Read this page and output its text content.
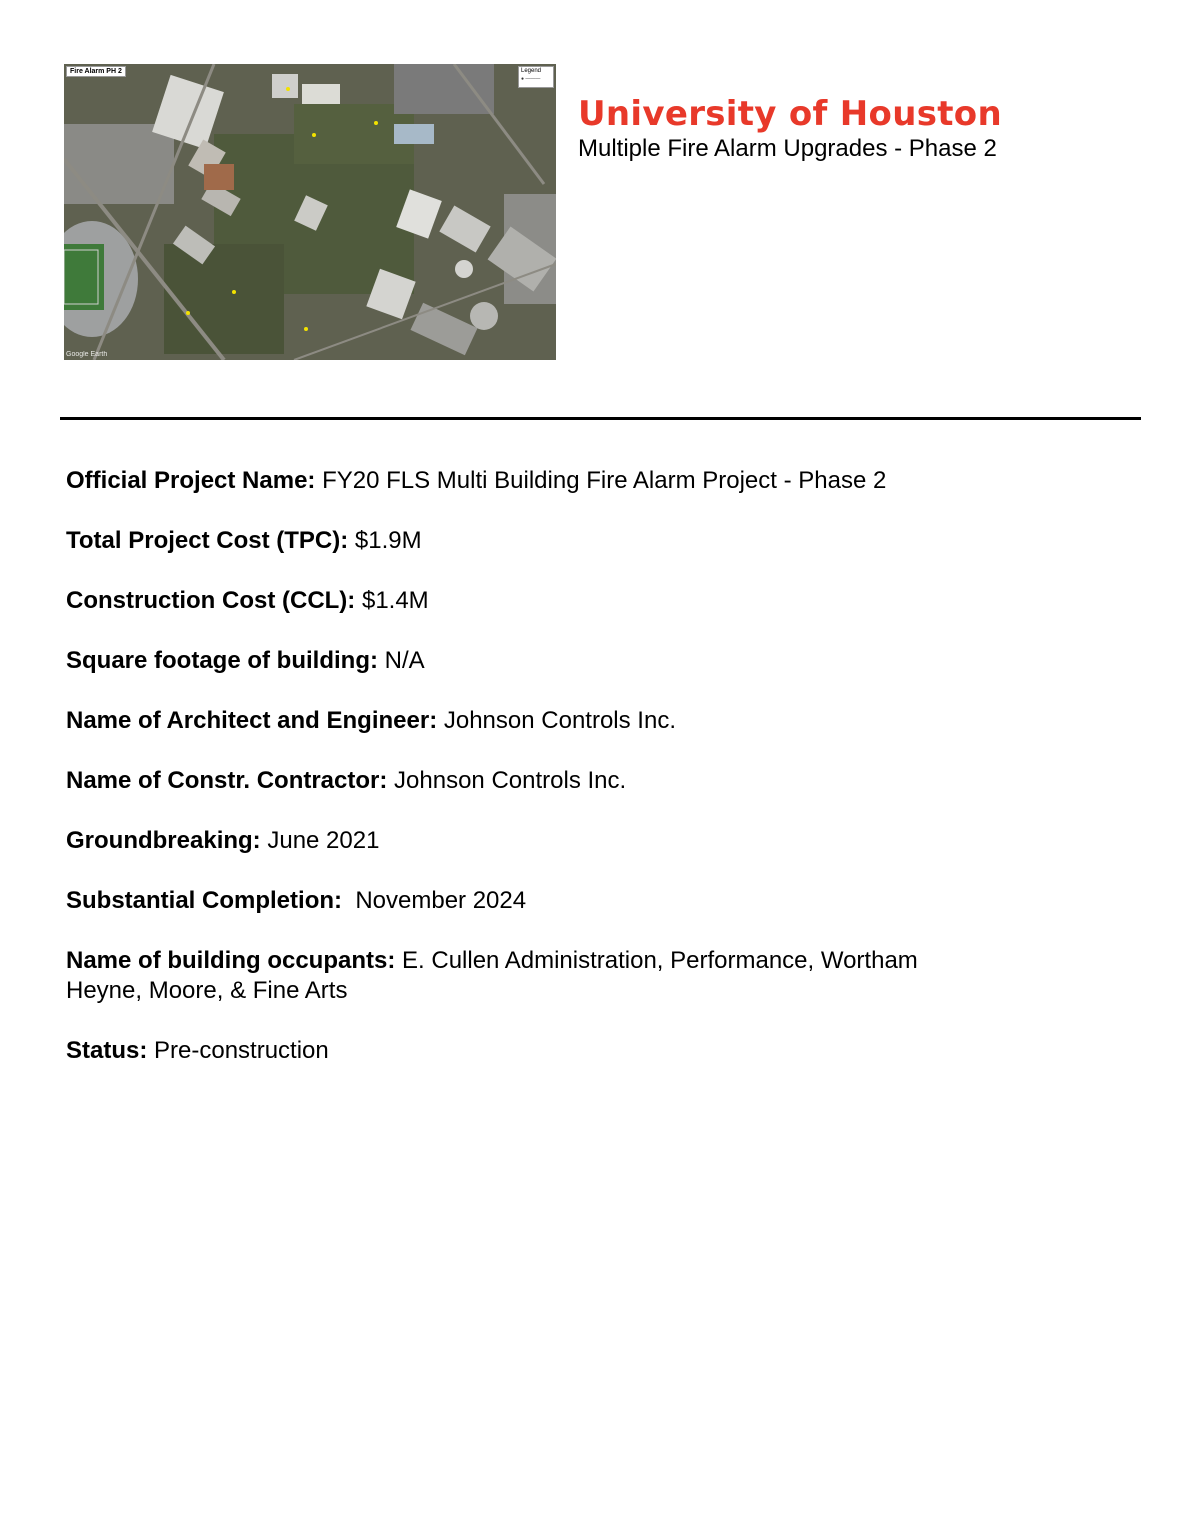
Fire Alarm PH 2	Legend
● ———
Google Earth
University of Houston
Multiple Fire Alarm Upgrades - Phase 2
Official Project Name: FY20 FLS Multi Building Fire Alarm Project - Phase 2
Total Project Cost (TPC): $1.9M
Construction Cost (CCL): $1.4M
Square footage of building: N/A
Name of Architect and Engineer: Johnson Controls Inc.
Name of Constr. Contractor: Johnson Controls Inc.
Groundbreaking: June 2021
Substantial Completion:  November 2024
Name of building occupants: E. Cullen Administration, Performance, Wortham Heyne, Moore, & Fine Arts
Status: Pre-construction
